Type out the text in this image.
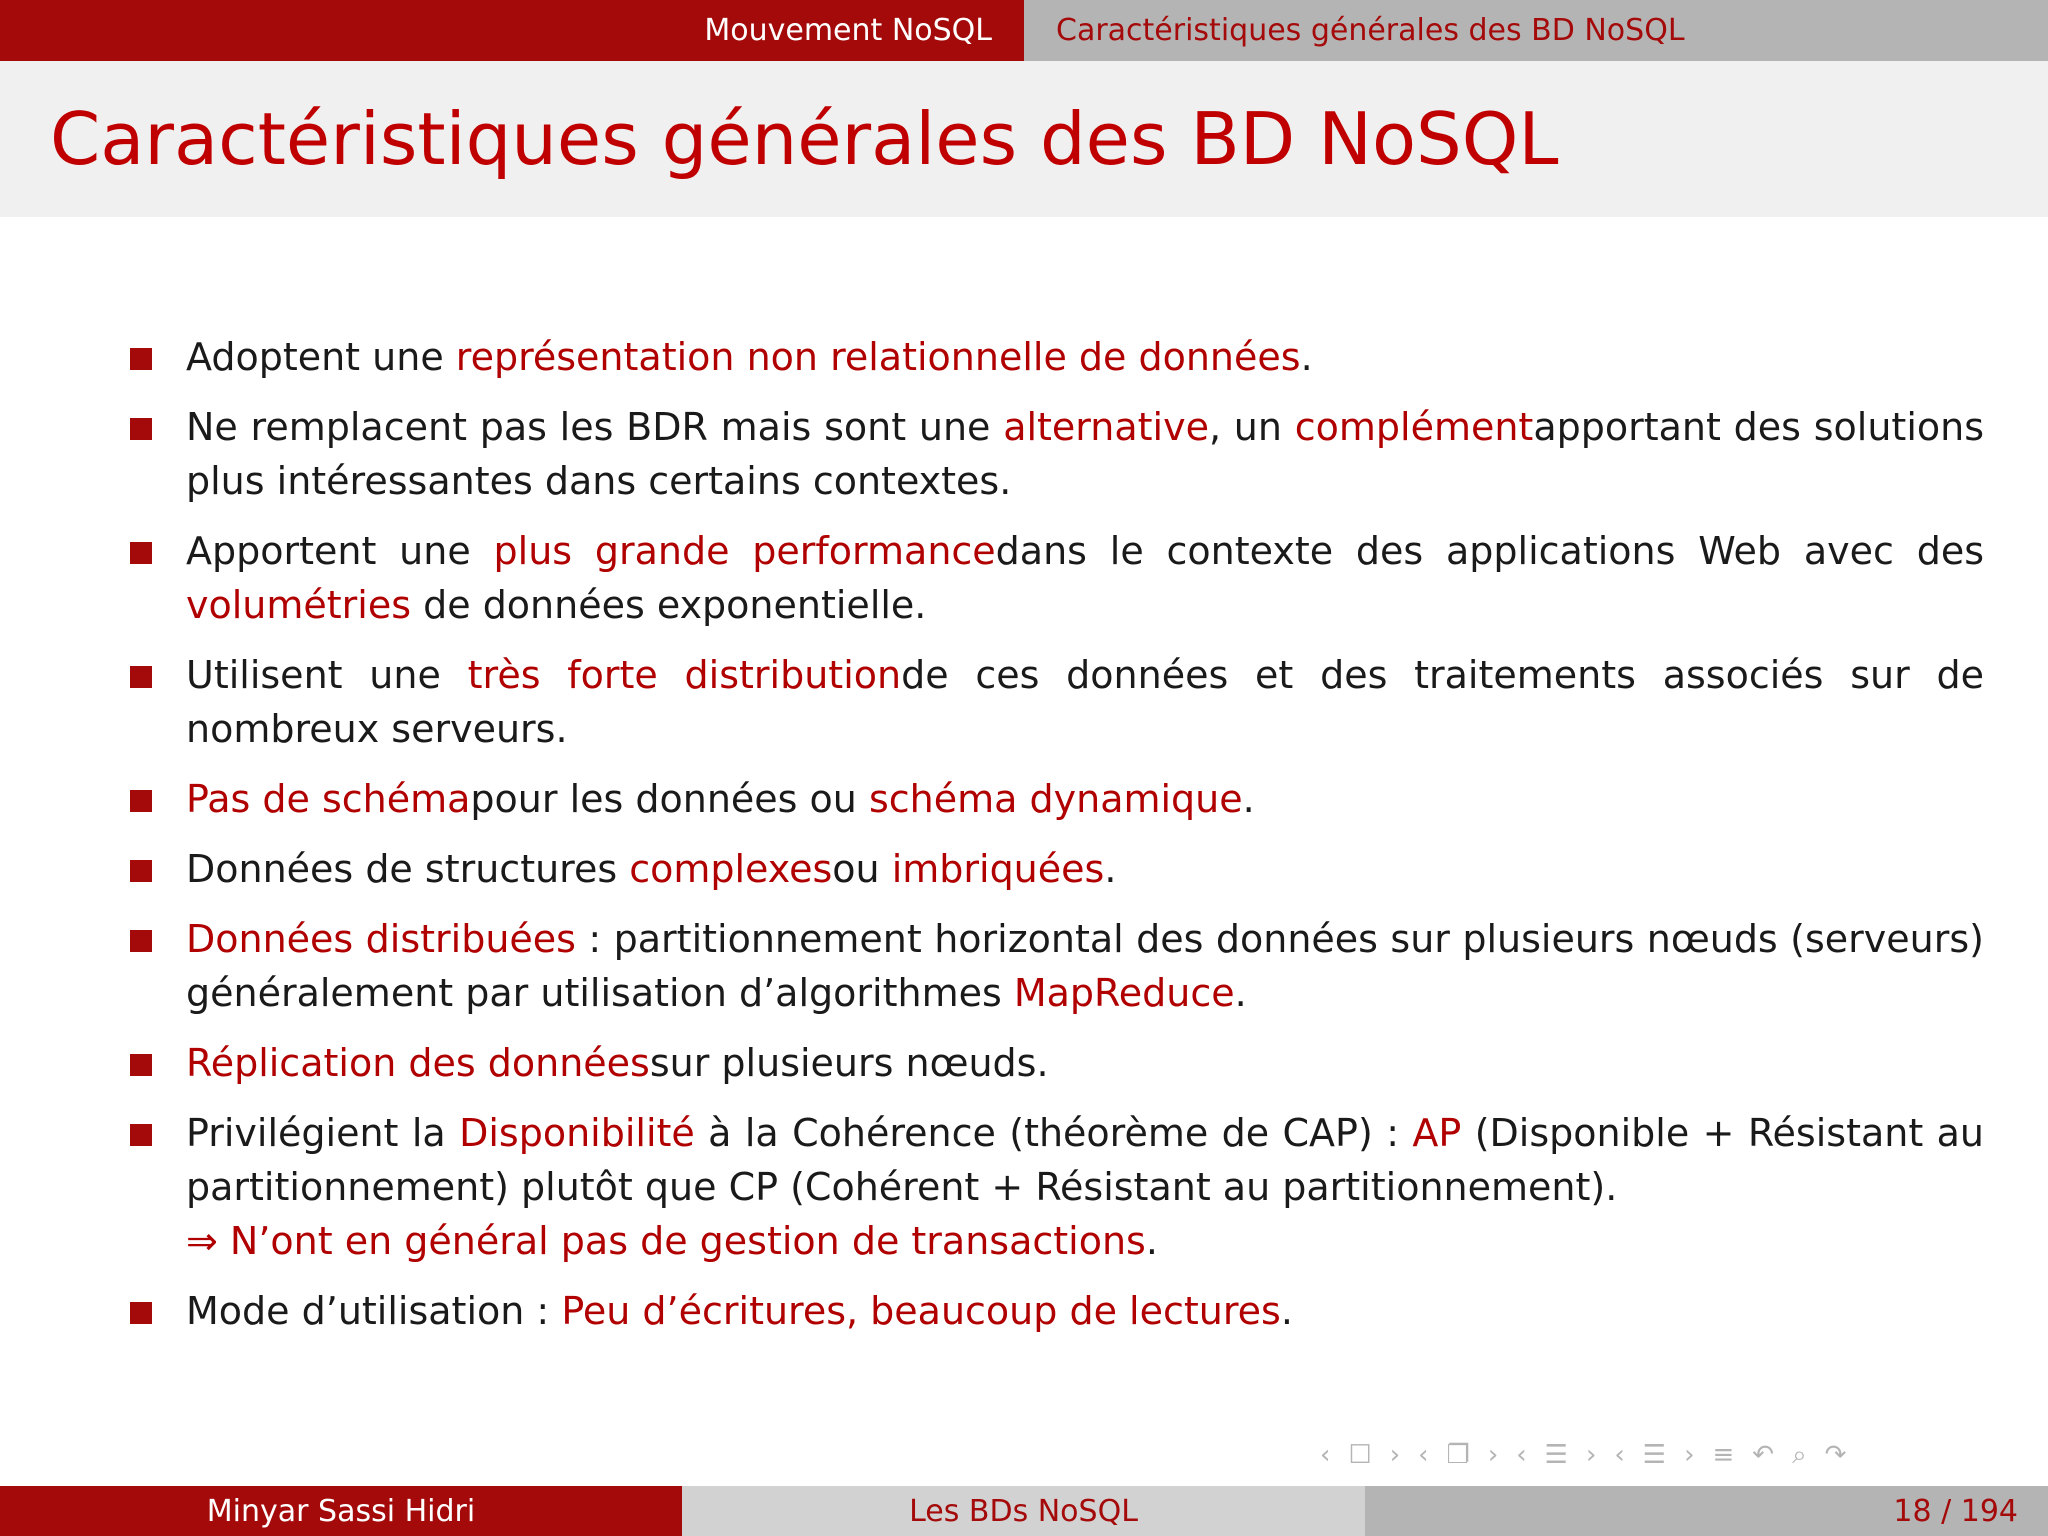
Mouvement NoSQL	Caractéristiques générales des BD NoSQL
Caractéristiques générales des BD NoSQL
Adoptent une représentation non relationnelle de données.
Ne remplacent pas les BDR mais sont une alternative, un complémentapportant des solutions plus intéressantes dans certains contextes.
Apportent une plus grande performancedans le contexte des applications Web avec des volumétries de données exponentielle.
Utilisent une très forte distributionde ces données et des traitements associés sur de nombreux serveurs.
Pas de schémapour les données ou schéma dynamique.
Données de structures complexesou imbriquées.
Données distribuées : partitionnement horizontal des données sur plusieurs nœuds (serveurs) généralement par utilisation d’algorithmes MapReduce.
Réplication des donnéessur plusieurs nœuds.
Privilégient la Disponibilité à la Cohérence (théorème de CAP) : AP (Disponible + Résistant au partitionnement) plutôt que CP (Cohérent + Résistant au partitionnement).
⇒ N’ont en général pas de gestion de transactions.
Mode d’utilisation : Peu d’écritures, beaucoup de lectures.
‹ ☐ › ‹ ❐ › ‹ ☰ › ‹ ☰ › ≡ ↶ ⌕ ↷
Minyar Sassi Hidri	Les BDs NoSQL	18 / 194
